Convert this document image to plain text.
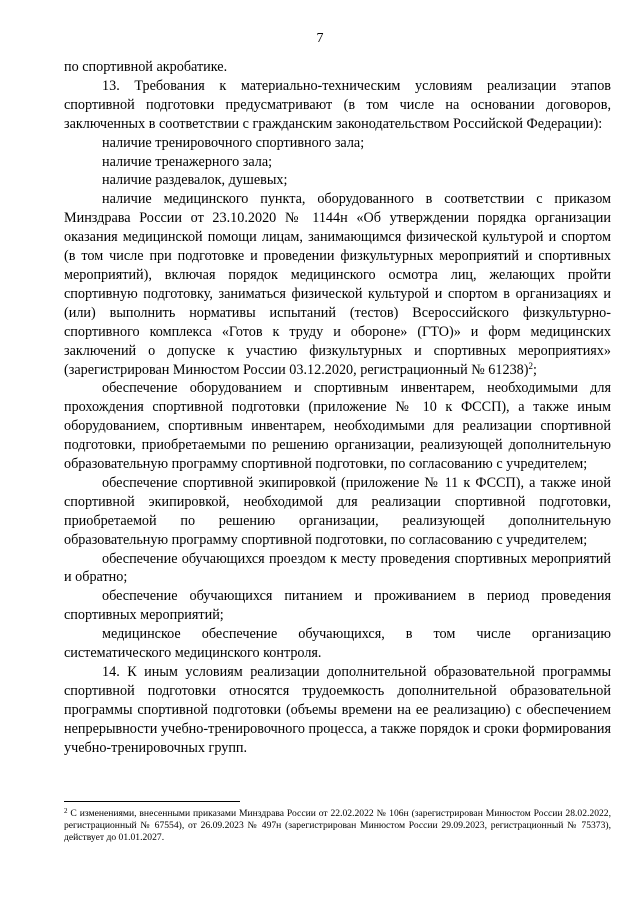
7

по спортивной акробатике.

13. Требования к материально-техническим условиям реализации этапов спортивной подготовки предусматривают (в том числе на основании договоров, заключенных в соответствии с гражданским законодательством Российской Федерации):

наличие тренировочного спортивного зала;

наличие тренажерного зала;

наличие раздевалок, душевых;

наличие медицинского пункта, оборудованного в соответствии с приказом Минздрава России от 23.10.2020 № 1144н «Об утверждении порядка организации оказания медицинской помощи лицам, занимающимся физической культурой и спортом (в том числе при подготовке и проведении физкультурных мероприятий и спортивных мероприятий), включая порядок медицинского осмотра лиц, желающих пройти спортивную подготовку, заниматься физической культурой и спортом в организациях и (или) выполнить нормативы испытаний (тестов) Всероссийского физкультурно-спортивного комплекса «Готов к труду и обороне» (ГТО)» и форм медицинских заключений о допуске к участию физкультурных и спортивных мероприятиях» (зарегистрирован Минюстом России 03.12.2020, регистрационный № 61238)$^2$;

обеспечение оборудованием и спортивным инвентарем, необходимыми для прохождения спортивной подготовки (приложение № 10 к ФССП), а также иным оборудованием, спортивным инвентарем, необходимыми для реализации спортивной подготовки, приобретаемыми по решению организации, реализующей дополнительную образовательную программу спортивной подготовки, по согласованию с учредителем;

обеспечение спортивной экипировкой (приложение № 11 к ФССП), а также иной спортивной экипировкой, необходимой для реализации спортивной подготовки, приобретаемой по решению организации, реализующей дополнительную образовательную программу спортивной подготовки, по согласованию с учредителем;

обеспечение обучающихся проездом к месту проведения спортивных мероприятий и обратно;

обеспечение обучающихся питанием и проживанием в период проведения спортивных мероприятий;

медицинское обеспечение обучающихся, в том числе организацию систематического медицинского контроля.

14. К иным условиям реализации дополнительной образовательной программы спортивной подготовки относятся трудоемкость дополнительной образовательной программы спортивной подготовки (объемы времени на ее реализацию) с обеспечением непрерывности учебно-тренировочного процесса, а также порядок и сроки формирования учебно-тренировочных групп.

$^2$ С изменениями, внесенными приказами Минздрава России от 22.02.2022 № 106н (зарегистрирован Минюстом России 28.02.2022, регистрационный № 67554), от 26.09.2023 № 497н (зарегистрирован Минюстом России 29.09.2023, регистрационный № 75373), действует до 01.01.2027.
